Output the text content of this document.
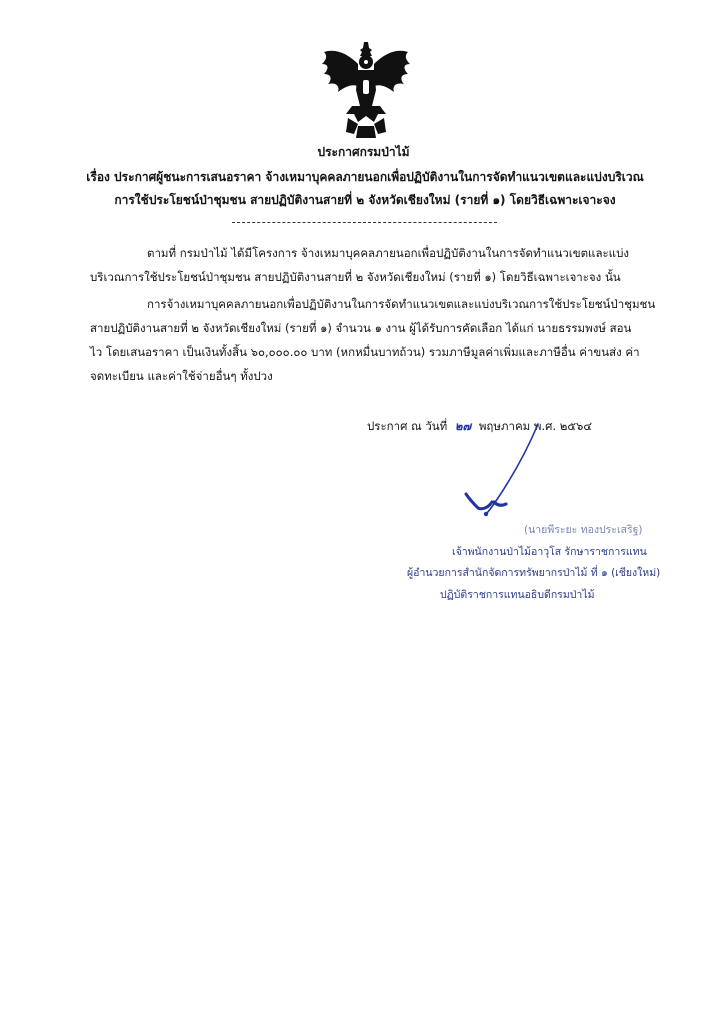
ประกาศกรมป่าไม้
เรื่อง ประกาศผู้ชนะการเสนอราคา จ้างเหมาบุคคลภายนอกเพื่อปฏิบัติงานในการจัดทำแนวเขตและแบ่งบริเวณ
การใช้ประโยชน์ป่าชุมชน สายปฏิบัติงานสายที่ ๒ จังหวัดเชียงใหม่ (รายที่ ๑) โดยวิธีเฉพาะเจาะจง
ตามที่ กรมป่าไม้ ได้มีโครงการ จ้างเหมาบุคคลภายนอกเพื่อปฏิบัติงานในการจัดทำแนวเขตและแบ่ง
บริเวณการใช้ประโยชน์ป่าชุมชน สายปฏิบัติงานสายที่ ๒ จังหวัดเชียงใหม่ (รายที่ ๑) โดยวิธีเฉพาะเจาะจง นั้น
การจ้างเหมาบุคคลภายนอกเพื่อปฏิบัติงานในการจัดทำแนวเขตและแบ่งบริเวณการใช้ประโยชน์ป่าชุมชน
สายปฏิบัติงานสายที่ ๒ จังหวัดเชียงใหม่ (รายที่ ๑) จำนวน ๑ งาน ผู้ได้รับการคัดเลือก ได้แก่ นายธรรมพงษ์ สอน
ไว โดยเสนอราคา เป็นเงินทั้งสิ้น ๖๐,๐๐๐.๐๐ บาท (หกหมื่นบาทถ้วน) รวมภาษีมูลค่าเพิ่มและภาษีอื่น ค่าขนส่ง ค่า
จดทะเบียน และค่าใช้จ่ายอื่นๆ ทั้งปวง
ประกาศ ณ วันที่ ๒๗ พฤษภาคม พ.ศ. ๒๕๖๔
(นายพีระยะ ทองประเสริฐ)
เจ้าพนักงานป่าไม้อาวุโส รักษาราชการแทน
ผู้อำนวยการสำนักจัดการทรัพยากรป่าไม้ ที่ ๑ (เชียงใหม่)
ปฏิบัติราชการแทนอธิบดีกรมป่าไม้
